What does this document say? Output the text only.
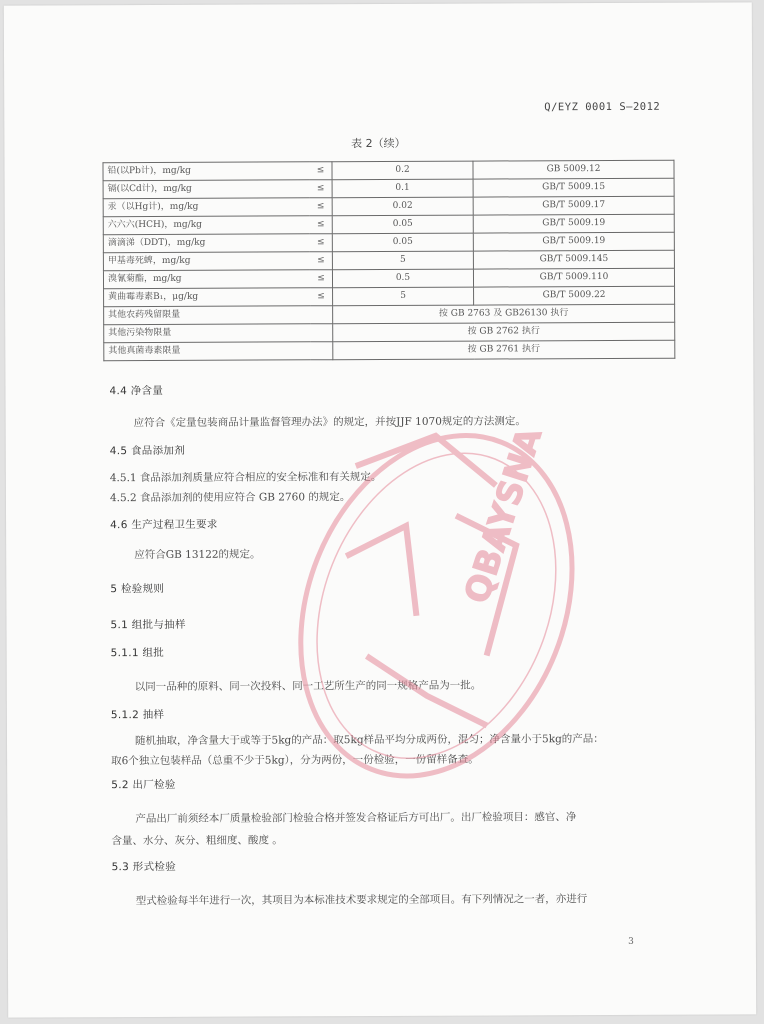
Q/EYZ 0001 S—2012
表 2（续）
铅(以Pb计)，mg/kg	≤	0.2	GB 5009.12
镉(以Cd计)，mg/kg	≤	0.1	GB/T 5009.15
汞（以Hg计)，mg/kg	≤	0.02	GB/T 5009.17
六六六(HCH)，mg/kg	≤	0.05	GB/T 5009.19
滴滴涕（DDT)，mg/kg	≤	0.05	GB/T 5009.19
甲基毒死蜱，mg/kg	≤	5	GB/T 5009.145
溴氰菊酯，mg/kg	≤	0.5	GB/T 5009.110
黄曲霉毒素B₁，μg/kg	≤	5	GB/T 5009.22
其他农药残留限量		按 GB 2763 及 GB26130 执行	
其他污染物限量		按 GB 2762 执行	
其他真菌毒素限量		按 GB 2761 执行	
4.4 净含量
应符合《定量包装商品计量监督管理办法》的规定，并按JJF 1070规定的方法测定。
4.5 食品添加剂
4.5.1 食品添加剂质量应符合相应的安全标准和有关规定。
4.5.2 食品添加剂的使用应符合 GB 2760 的规定。
4.6 生产过程卫生要求
应符合GB 13122的规定。
5 检验规则
5.1 组批与抽样
5.1.1 组批
以同一品种的原料、同一次投料、同一工艺所生产的同一规格产品为一批。
5.1.2 抽样
随机抽取，净含量大于或等于5kg的产品：取5kg样品平均分成两份，混匀；净含量小于5kg的产品：
取6个独立包装样品（总重不少于5kg），分为两份，一份检验，一份留样备查。
5.2 出厂检验
产品出厂前须经本厂质量检验部门检验合格并签发合格证后方可出厂。出厂检验项目：感官、净
含量、水分、灰分、粗细度、酸度 。
5.3 形式检验
型式检验每半年进行一次，其项目为本标准技术要求规定的全部项目。有下列情况之一者，亦进行
QBAYSNA
3
